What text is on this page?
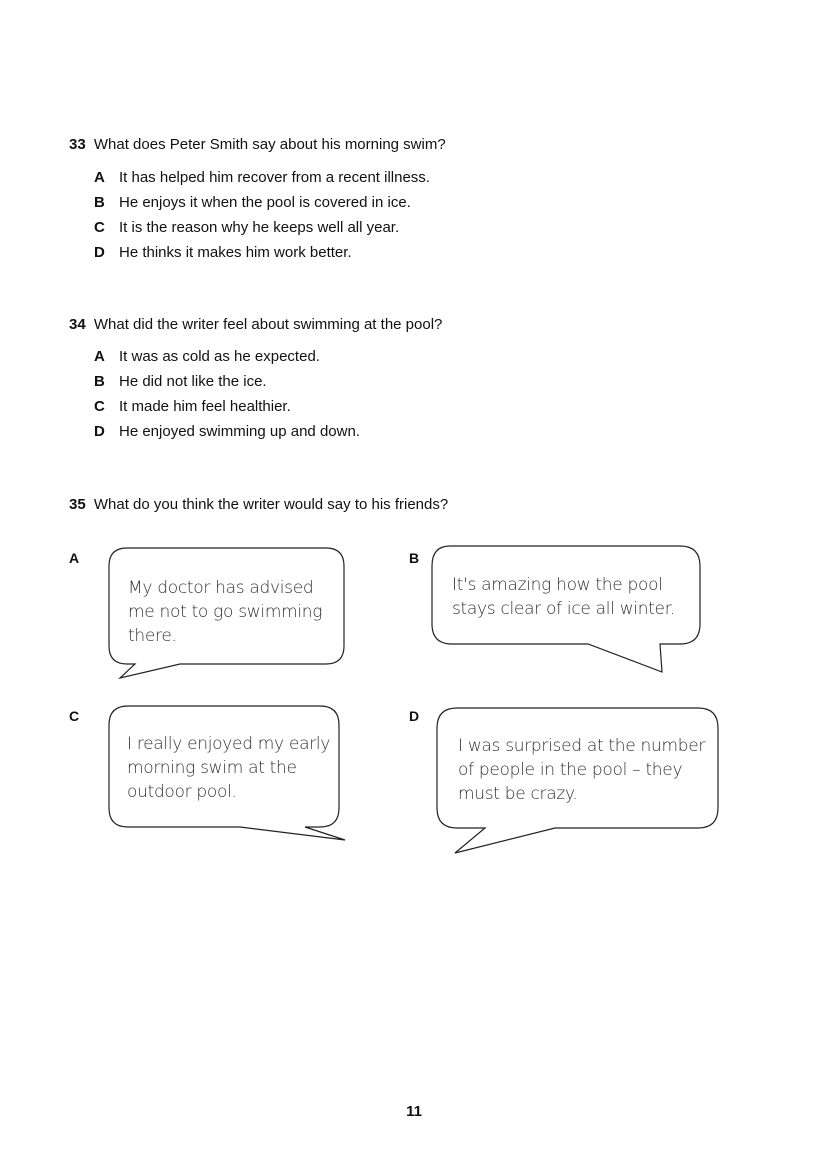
33 What does Peter Smith say about his morning swim?
A It has helped him recover from a recent illness.
B He enjoys it when the pool is covered in ice.
C It is the reason why he keeps well all year.
D He thinks it makes him work better.
34 What did the writer feel about swimming at the pool?
A It was as cold as he expected.
B He did not like the ice.
C It made him feel healthier.
D He enjoyed swimming up and down.
35 What do you think the writer would say to his friends?
A	B
C	D
My doctor has advised
me not to go swimming
there.
It's amazing how the pool
stays clear of ice all winter.
I really enjoyed my early
morning swim at the
outdoor pool.
I was surprised at the number
of people in the pool – they
must be crazy.
11
